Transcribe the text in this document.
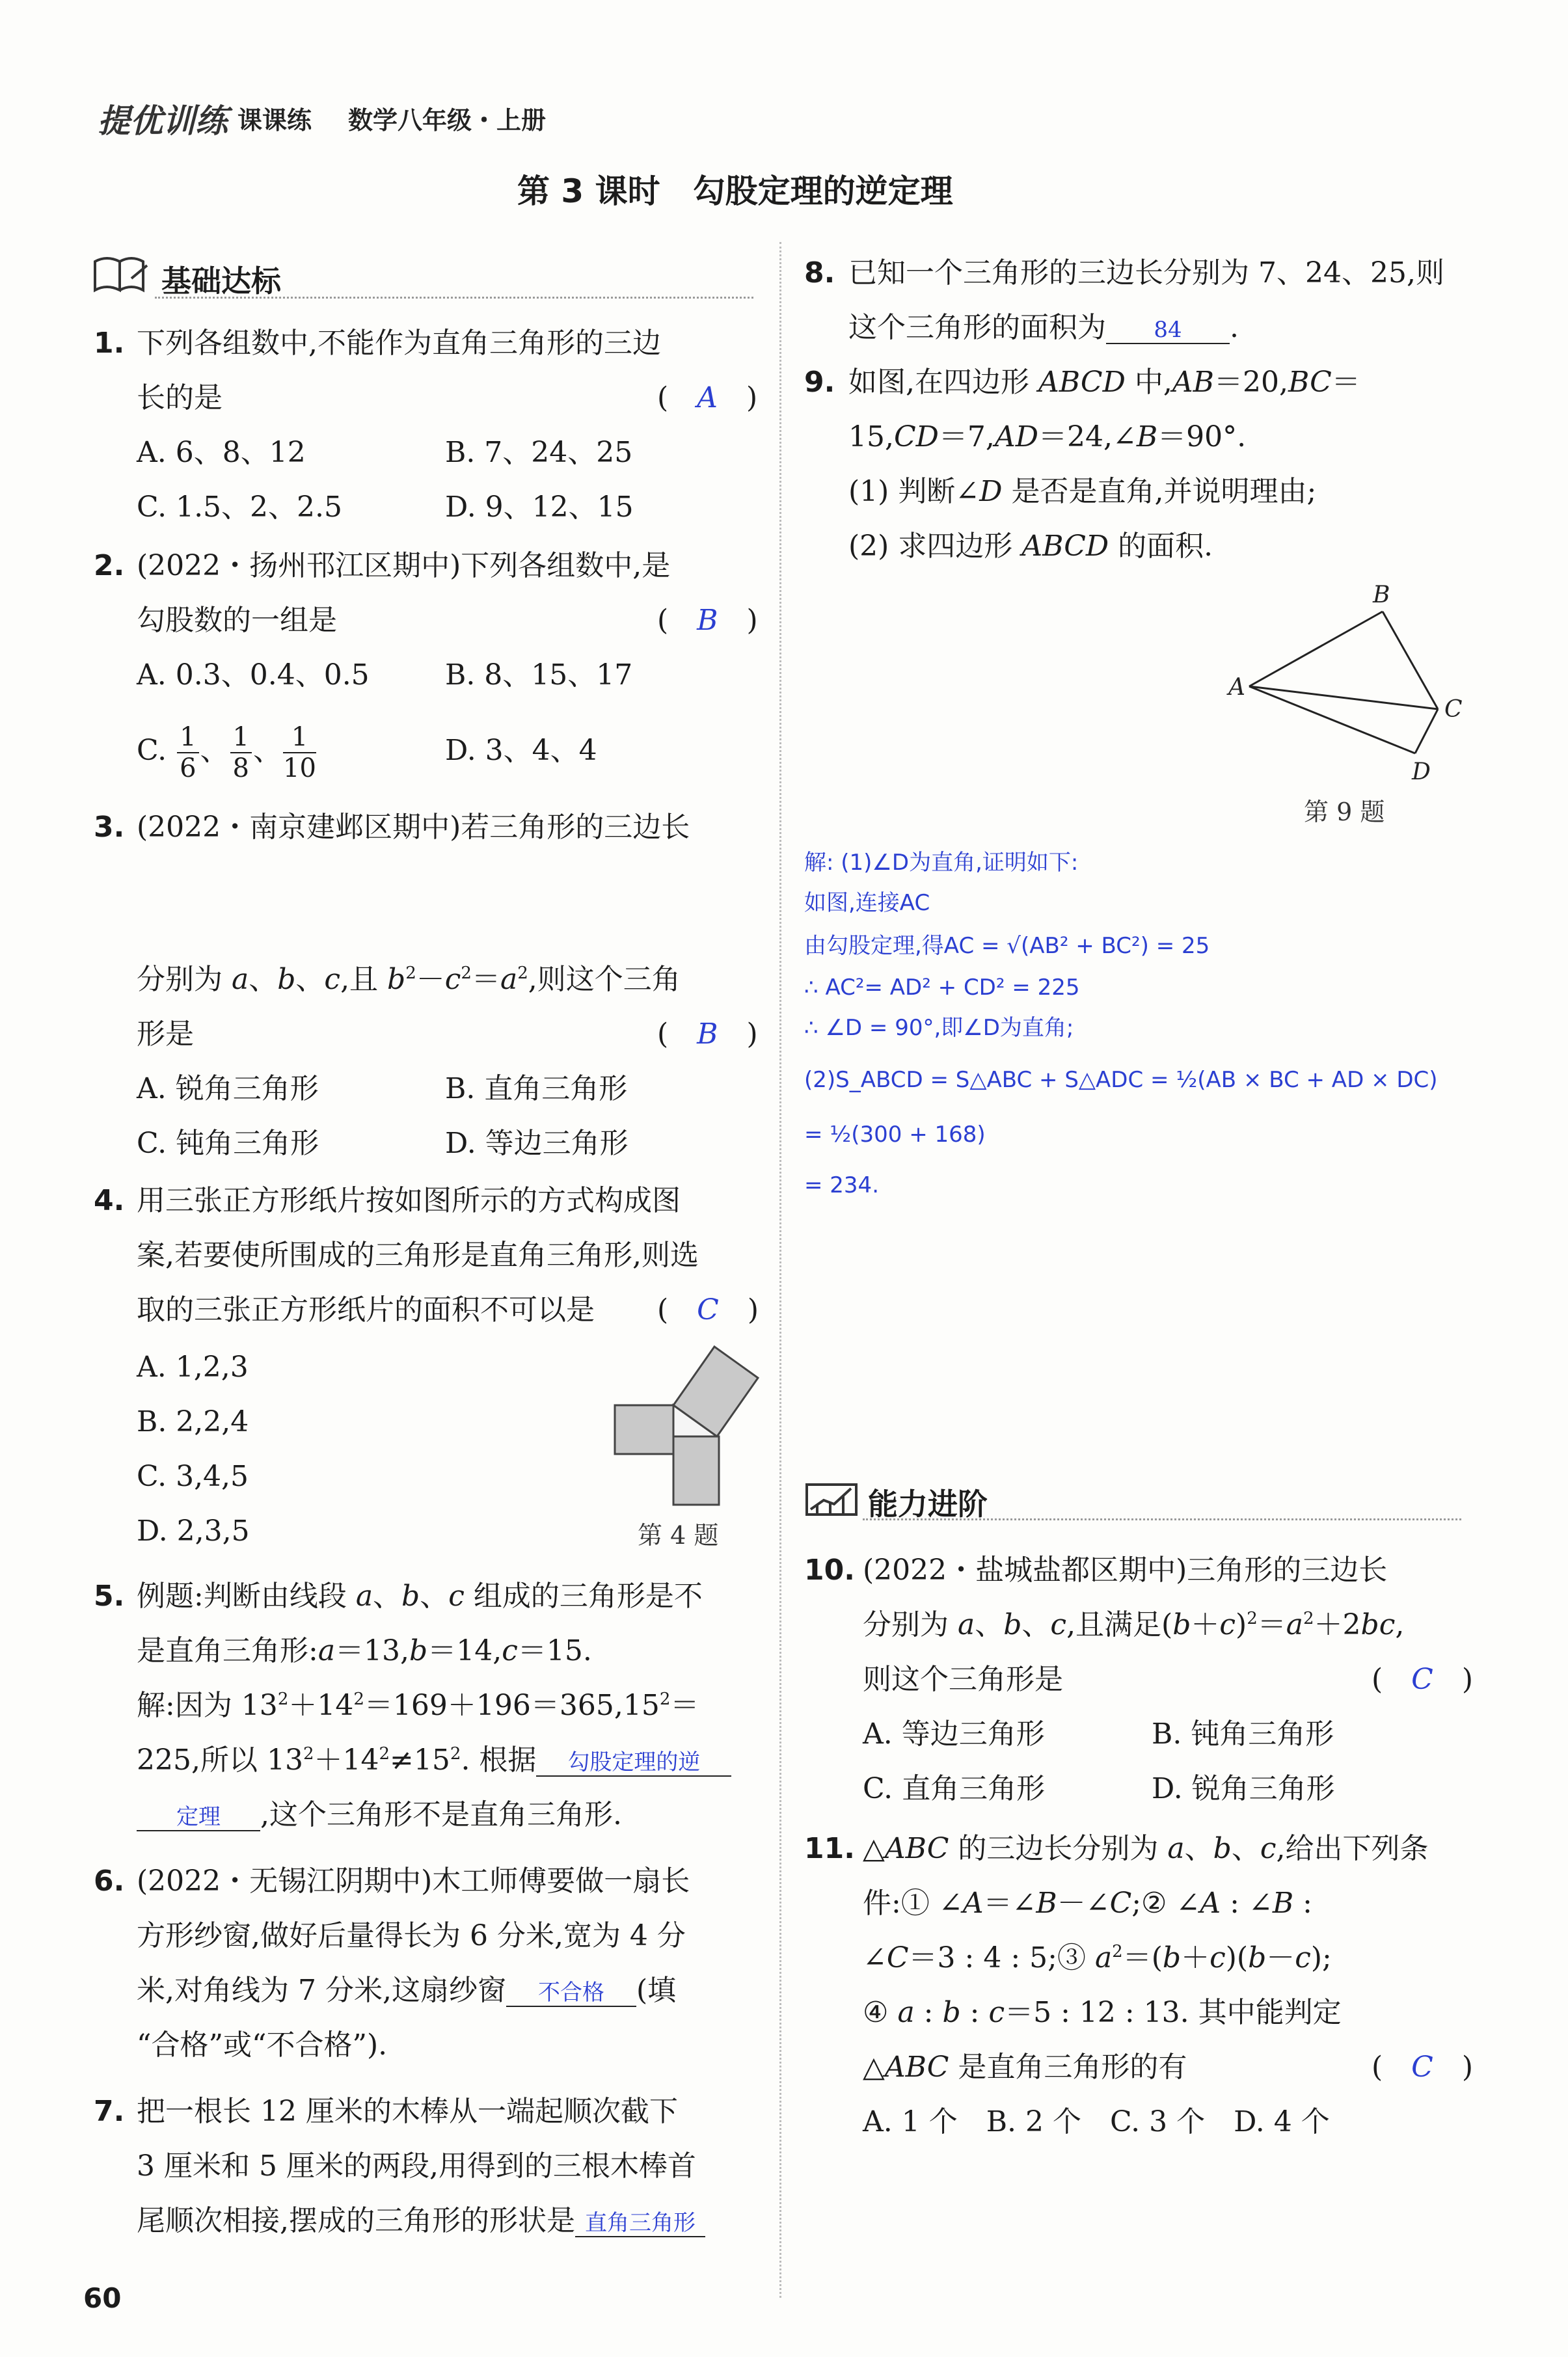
提优训练 课课练 数学八年级・上册
第 3 课时　勾股定理的逆定理
基础达标
1. 下列各组数中,不能作为直角三角形的三边
长的是	(　A　)
A. 6、8、12	B. 7、24、25
C. 1.5、2、2.5	D. 9、12、15
2. (2022・扬州邗江区期中)下列各组数中,是
勾股数的一组是	(　B　)
A. 0.3、0.4、0.5	B. 8、15、17
C. $\frac{1}{6}$ 、 $\frac{1}{8}$ 、 $\frac{1}{10}$	D. 3、4、4
3. (2022・南京建邺区期中)若三角形的三边长
分别为 a、b、c,且 $b^2-c^2=a^2$,则这个三角
形是	(　B　)
A. 锐角三角形	B. 直角三角形
C. 钝角三角形	D. 等边三角形
4. 用三张正方形纸片按如图所示的方式构成图
案,若要使所围成的三角形是直角三角形,则选
取的三张正方形纸片的面积不可以是 (　C　)
A. 1,2,3
B. 2,2,4
C. 3,4,5
D. 2,3,5	第 4 题
5. 例题:判断由线段 a、b、c 组成的三角形是不
是直角三角形:a＝13,b＝14,c＝15.
解:因为 $13^2+14^2=169+196=365,15^2=$
225,所以 $13^2+14^2\ne 15^2$. 根据 勾股定理的逆
定理 ,这个三角形不是直角三角形.
6. (2022・无锡江阴期中)木工师傅要做一扇长
方形纱窗,做好后量得长为 6 分米,宽为 4 分
米,对角线为 7 分米,这扇纱窗 不合格 (填
“合格”或“不合格”).
7. 把一根长 12 厘米的木棒从一端起顺次截下
3 厘米和 5 厘米的两段,用得到的三根木棒首
尾顺次相接,摆成的三角形的形状是 直角三角形
60
8. 已知一个三角形的三边长分别为 7、24、25,则
这个三角形的面积为 84 .
9. 如图,在四边形 ABCD 中,AB＝20,BC＝
15,CD＝7,AD＝24,∠B＝90°.
(1) 判断∠D 是否是直角,并说明理由;
(2) 求四边形 ABCD 的面积.
A
B
C
D
第 9 题
解: (1)∠D为直角,证明如下:
如图,连接AC
由勾股定理,得AC = √(AB² + BC²) = 25
∴ AC²= AD² + CD² = 225
∴ ∠D = 90°,即∠D为直角;
(2)S_ABCD = S△ABC + S△ADC = ½(AB × BC + AD × DC)
= ½(300 + 168)
= 234.
能力进阶
10. (2022・盐城盐都区期中)三角形的三边长
分别为 a、b、c,且满足$(b+c)^2=a^2+2bc$,
则这个三角形是	(　C　)
A. 等边三角形	B. 钝角三角形
C. 直角三角形	D. 锐角三角形
11. △ABC 的三边长分别为 a、b、c,给出下列条
件:① ∠A＝∠B－∠C;② ∠A : ∠B :
∠C＝3 : 4 : 5;③ $a^2=(b+c)(b-c)$;
④ a : b : c＝5 : 12 : 13. 其中能判定
△ABC 是直角三角形的有	(　C　)
A. 1 个　B. 2 个　C. 3 个　D. 4 个
